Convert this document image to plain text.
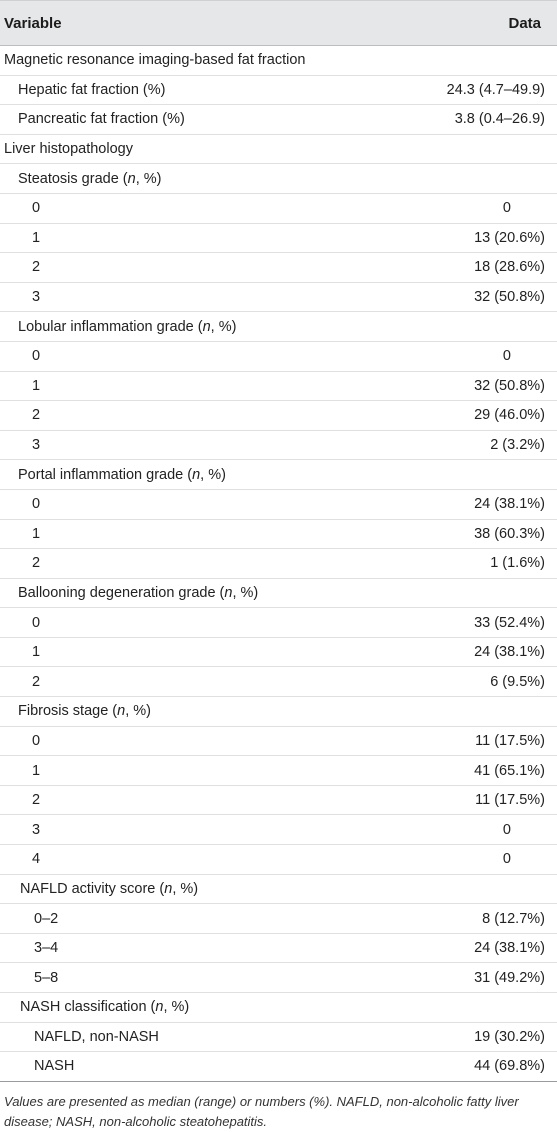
Variable	Data
Magnetic resonance imaging-based fat fraction
Hepatic fat fraction (%)	24.3 (4.7–49.9)
Pancreatic fat fraction (%)	3.8 (0.4–26.9)
Liver histopathology
Steatosis grade (n, %)
0	0
1	13 (20.6%)
2	18 (28.6%)
3	32 (50.8%)
Lobular inflammation grade (n, %)
0	0
1	32 (50.8%)
2	29 (46.0%)
3	2 (3.2%)
Portal inflammation grade (n, %)
0	24 (38.1%)
1	38 (60.3%)
2	1 (1.6%)
Ballooning degeneration grade (n, %)
0	33 (52.4%)
1	24 (38.1%)
2	6 (9.5%)
Fibrosis stage (n, %)
0	11 (17.5%)
1	41 (65.1%)
2	11 (17.5%)
3	0
4	0
NAFLD activity score (n, %)
0–2	8 (12.7%)
3–4	24 (38.1%)
5–8	31 (49.2%)
NASH classification (n, %)
NAFLD, non-NASH	19 (30.2%)
NASH	44 (69.8%)
Values are presented as median (range) or numbers (%). NAFLD, non-alcoholic fatty liver disease; NASH, non-alcoholic steatohepatitis.
